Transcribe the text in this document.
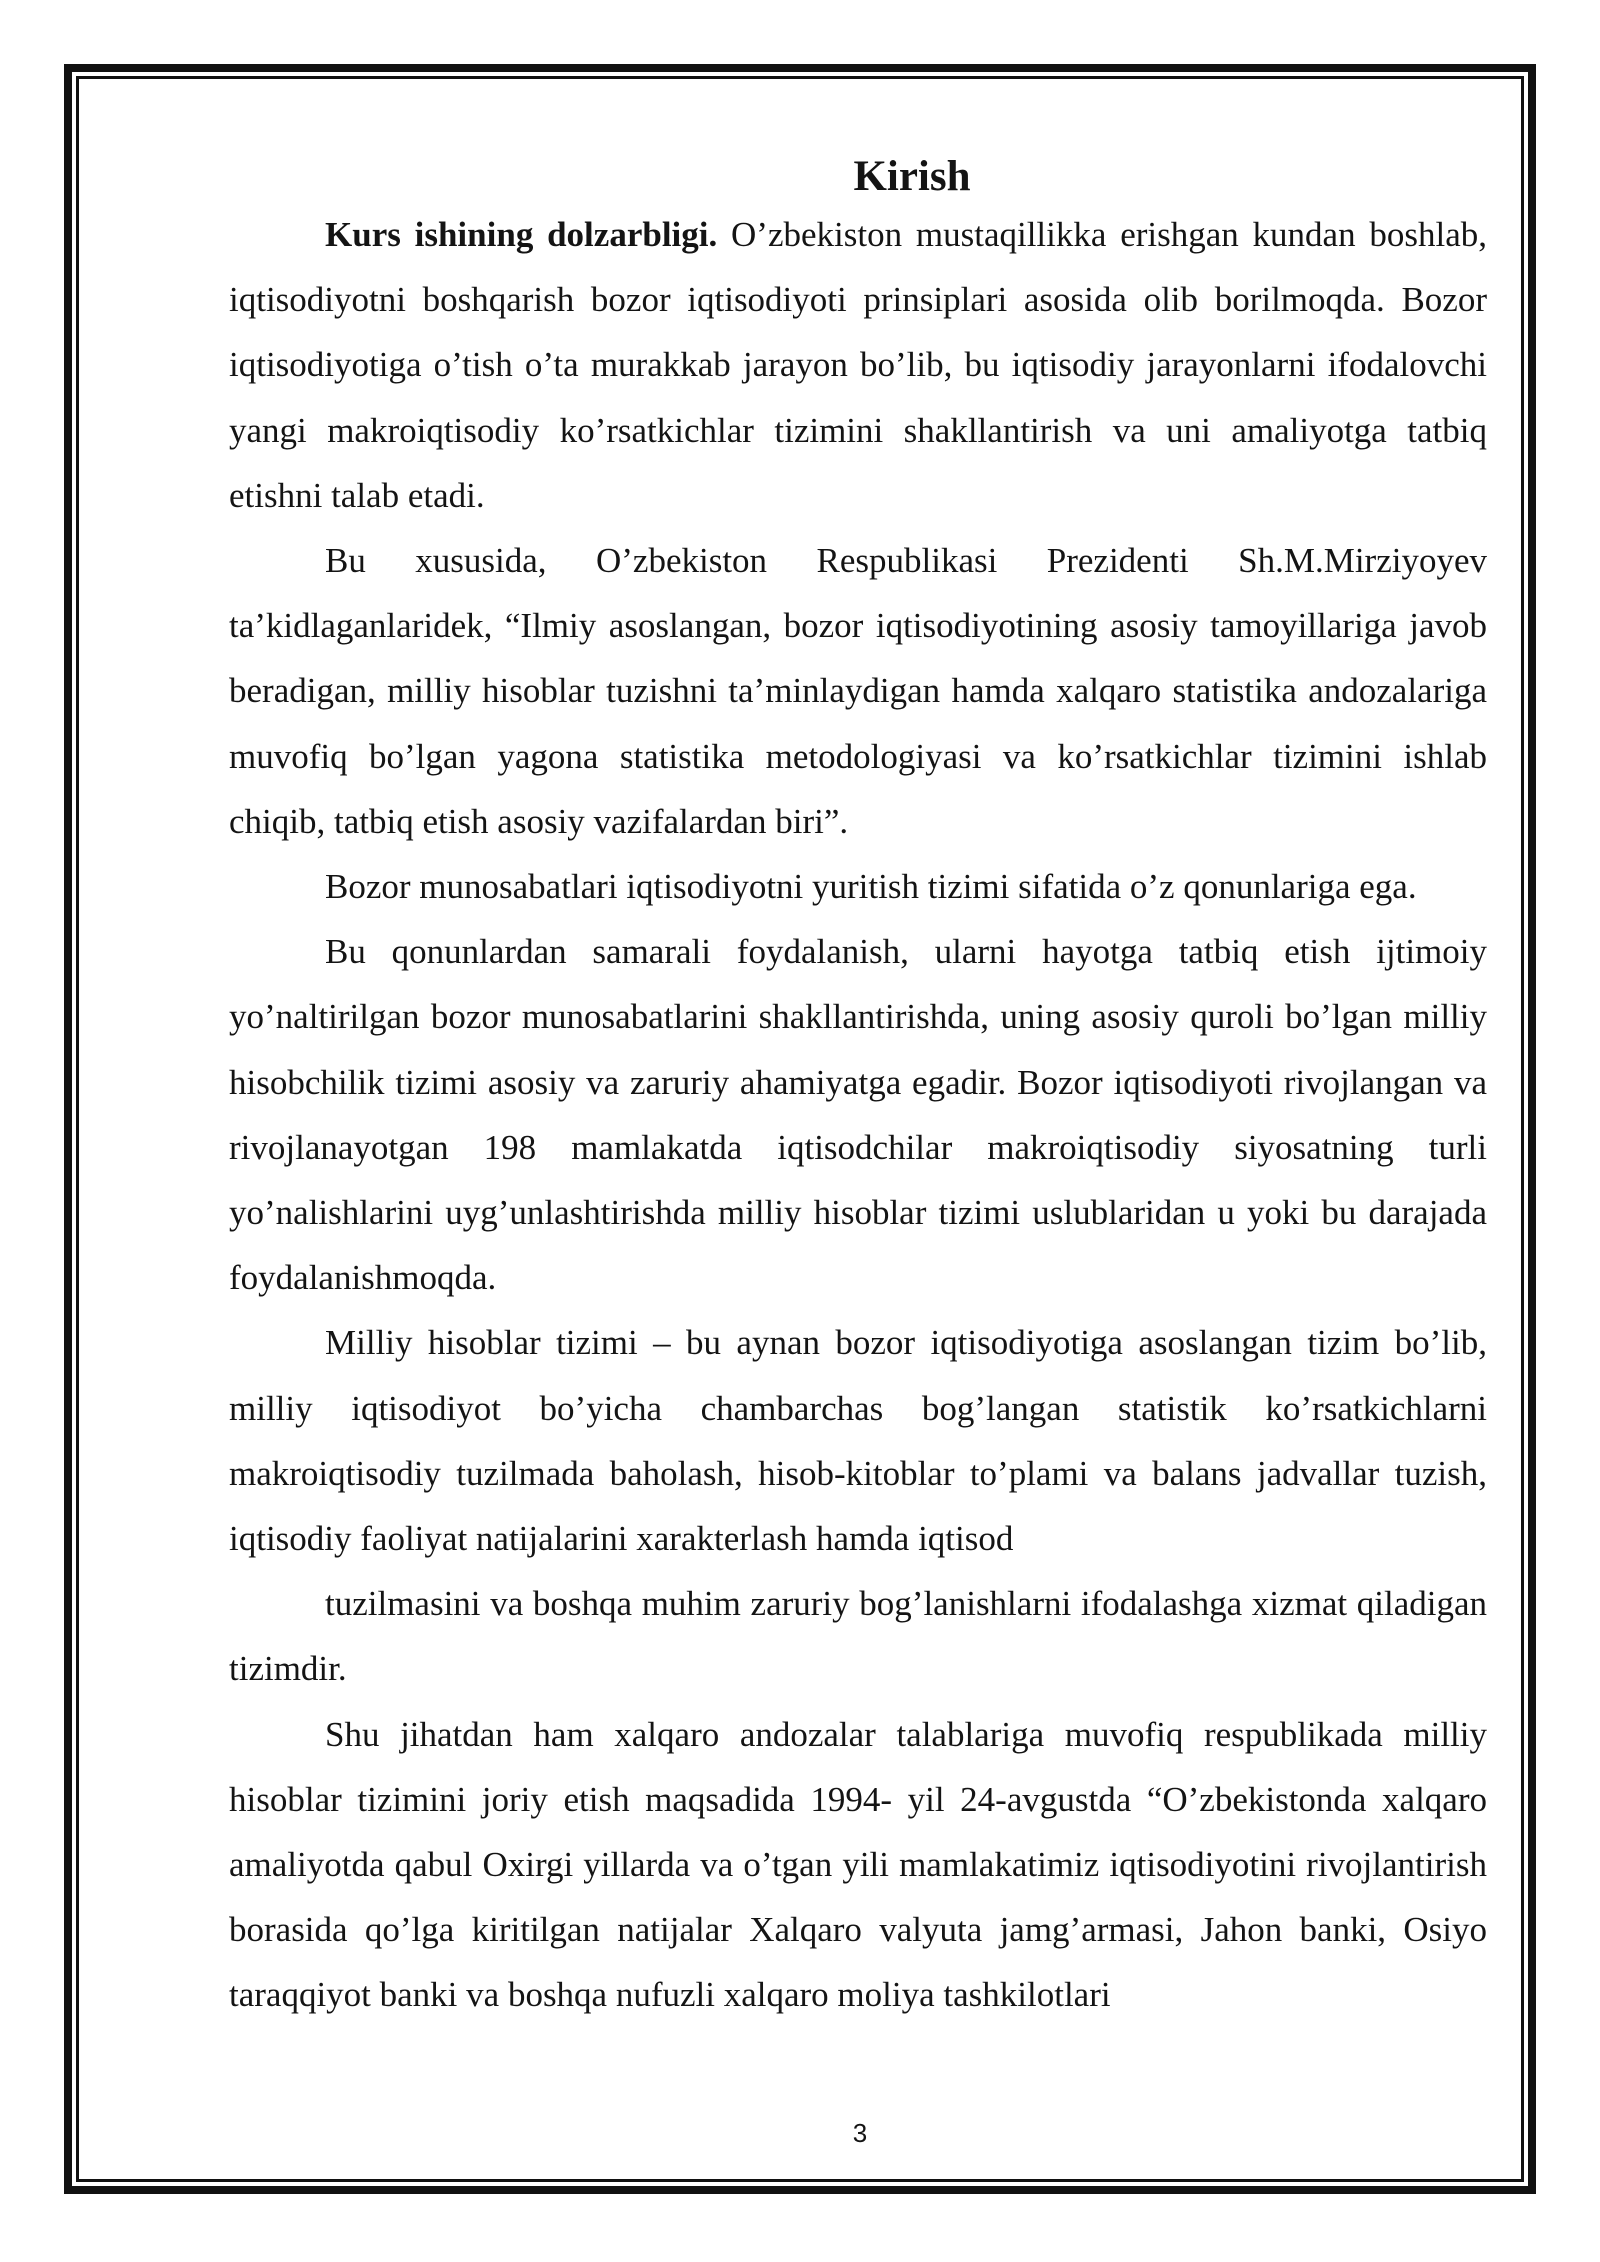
Kirish

Kurs ishining dolzarbligi. O’zbekiston mustaqillikka erishgan kundan boshlab, iqtisodiyotni boshqarish bozor iqtisodiyoti prinsiplari asosida olib borilmoqda. Bozor iqtisodiyotiga o’tish o’ta murakkab jarayon bo’lib, bu iqtisodiy jarayonlarni ifodalovchi yangi makroiqtisodiy ko’rsatkichlar tizimini shakllantirish va uni amaliyotga tatbiq etishni talab etadi.

Bu xususida, O’zbekiston Respublikasi Prezidenti Sh.M.Mirziyoyev ta’kidlaganlaridek, “Ilmiy asoslangan, bozor iqtisodiyotining asosiy tamoyillariga javob beradigan, milliy hisoblar tuzishni ta’minlaydigan hamda xalqaro statistika andozalariga muvofiq bo’lgan yagona statistika metodologiyasi va ko’rsatkichlar tizimini ishlab chiqib, tatbiq etish asosiy vazifalardan biri”.

Bozor munosabatlari iqtisodiyotni yuritish tizimi sifatida o’z qonunlariga ega.

Bu qonunlardan samarali foydalanish, ularni hayotga tatbiq etish ijtimoiy yo’naltirilgan bozor munosabatlarini shakllantirishda, uning asosiy quroli bo’lgan milliy hisobchilik tizimi asosiy va zaruriy ahamiyatga egadir. Bozor iqtisodiyoti rivojlangan va rivojlanayotgan 198 mamlakatda iqtisodchilar makroiqtisodiy siyosatning turli yo’nalishlarini uyg’unlashtirishda milliy hisoblar tizimi uslublaridan u yoki bu darajada foydalanishmoqda.

Milliy hisoblar tizimi – bu aynan bozor iqtisodiyotiga asoslangan tizim bo’lib, milliy iqtisodiyot bo’yicha chambarchas bog’langan statistik ko’rsatkichlarni makroiqtisodiy tuzilmada baholash, hisob-kitoblar to’plami va balans jadvallar tuzish, iqtisodiy faoliyat natijalarini xarakterlash hamda iqtisod

tuzilmasini va boshqa muhim zaruriy bog’lanishlarni ifodalashga xizmat qiladigan tizimdir.

Shu jihatdan ham xalqaro andozalar talablariga muvofiq respublikada milliy hisoblar tizimini joriy etish maqsadida 1994- yil 24-avgustda “O’zbekistonda xalqaro amaliyotda qabul Oxirgi yillarda va o’tgan yili mamlakatimiz iqtisodiyotini rivojlantirish borasida qo’lga kiritilgan natijalar Xalqaro valyuta jamg’armasi, Jahon banki, Osiyo taraqqiyot banki va boshqa nufuzli xalqaro moliya tashkilotlari

3
